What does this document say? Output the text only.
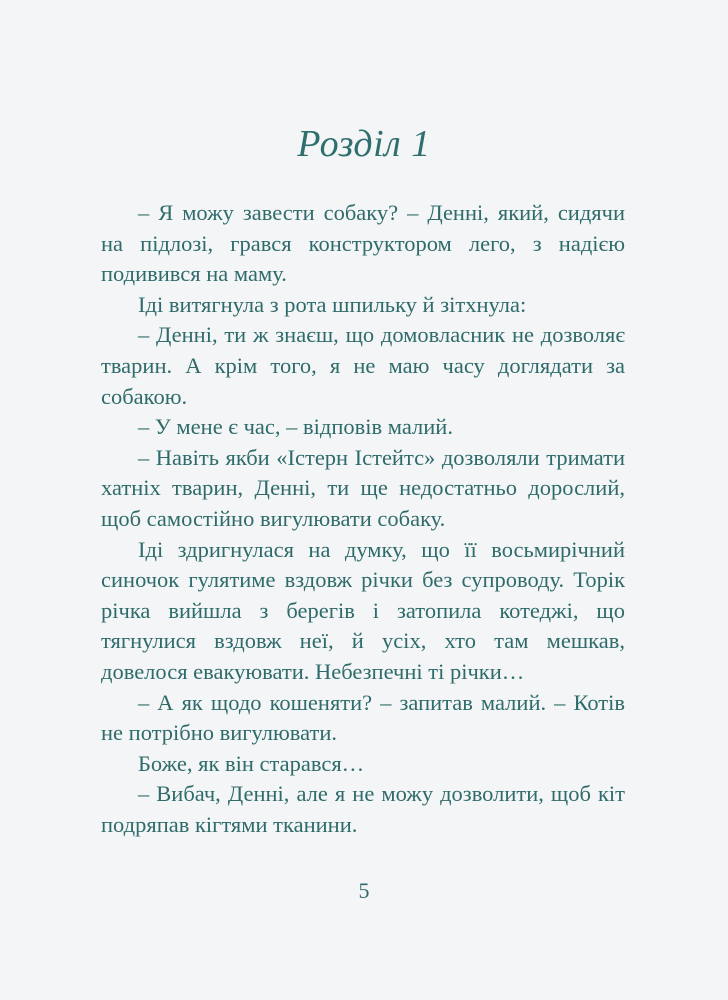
Розділ 1

– Я можу завести собаку? – Денні, який, сидячи на підлозі, грався конструктором лего, з надією подивився на маму.

Іді витягнула з рота шпильку й зітхнула:

– Денні, ти ж знаєш, що домовласник не дозволяє тварин. А крім того, я не маю часу доглядати за собакою.

– У мене є час, – відповів малий.

– Навіть якби «Істерн Істейтс» дозволяли тримати хатніх тварин, Денні, ти ще недостатньо дорослий, щоб самостійно вигулювати собаку.

Іді здригнулася на думку, що її восьмирічний синочок гулятиме вздовж річки без супроводу. Торік річка вийшла з берегів і затопила котеджі, що тягнулися вздовж неї, й усіх, хто там мешкав, довелося евакуювати. Небезпечні ті річки…

– А як щодо кошеняти? – запитав малий. – Котів не потрібно вигулювати.

Боже, як він старався…

– Вибач, Денні, але я не можу дозволити, щоб кіт подряпав кігтями тканини.

5
